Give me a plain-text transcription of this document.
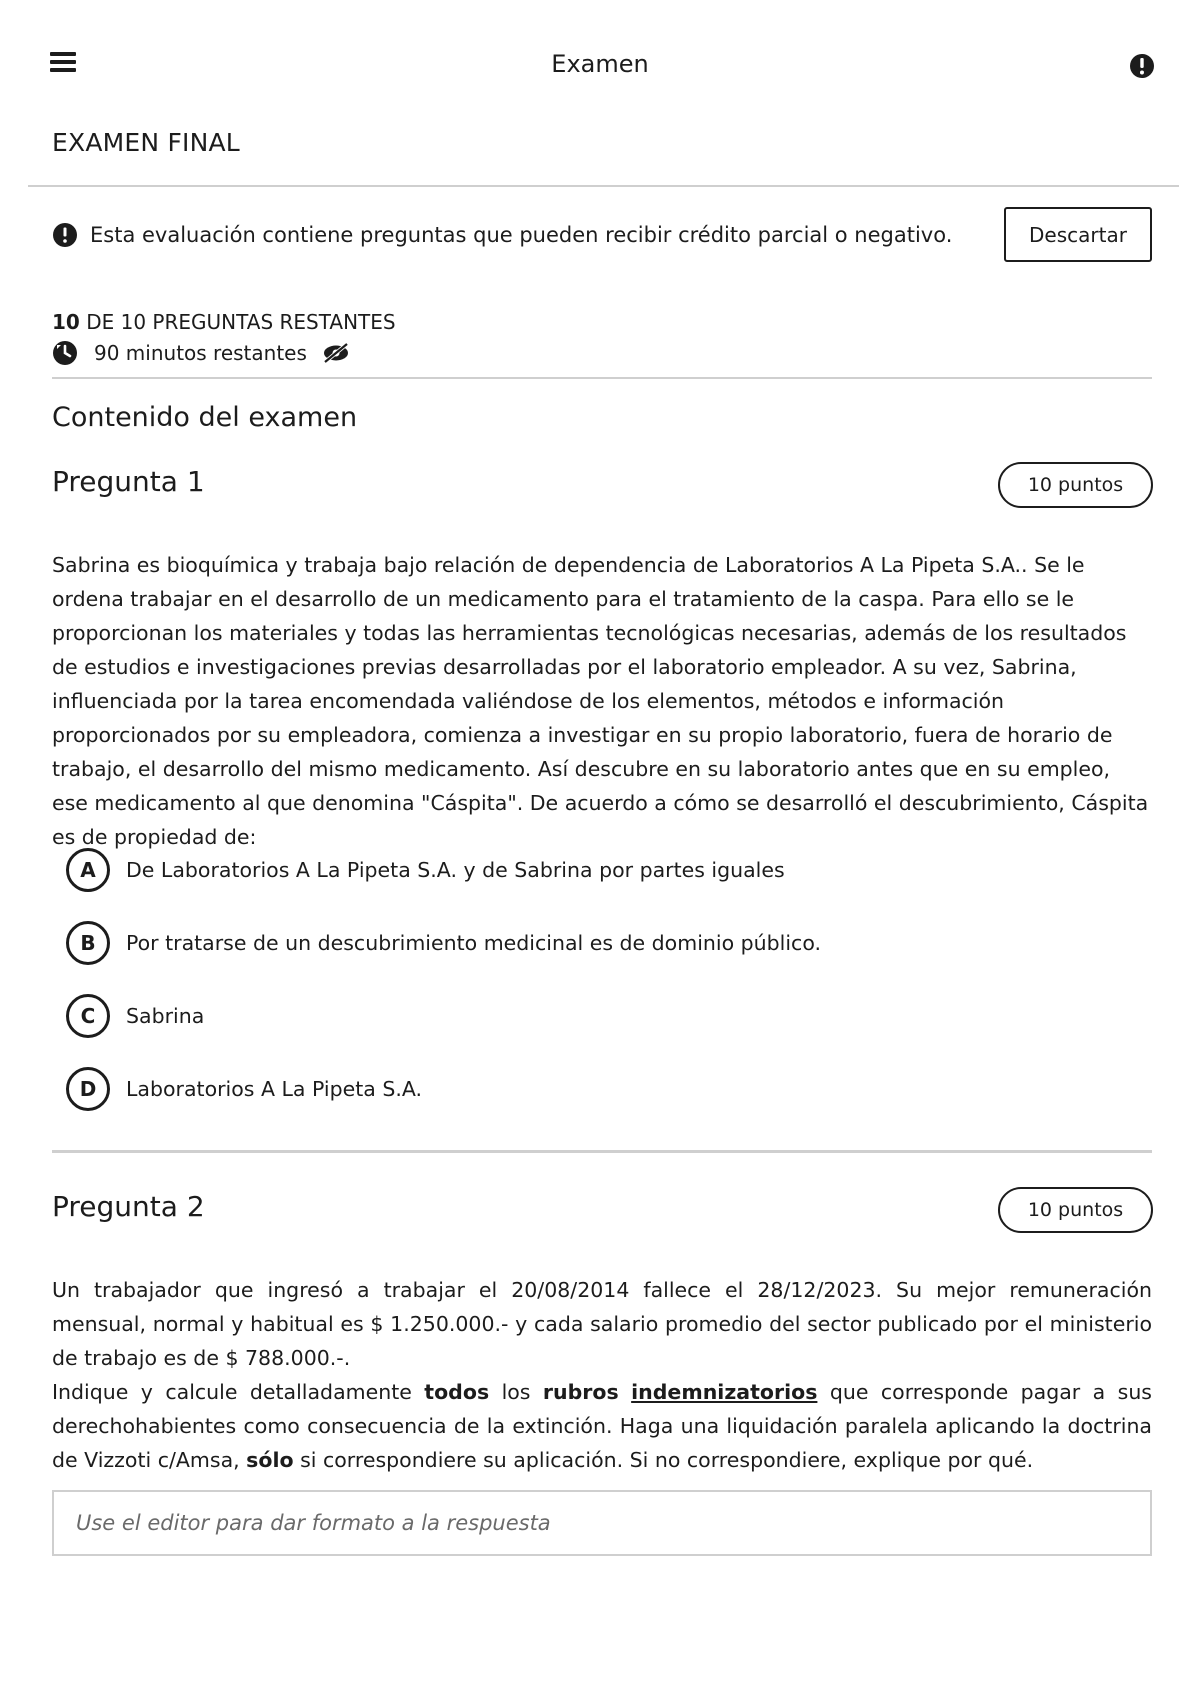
Examen
EXAMEN FINAL
Esta evaluación contiene preguntas que pueden recibir crédito parcial o negativo.	Descartar
10 DE 10 PREGUNTAS RESTANTES
90 minutos restantes
Contenido del examen
Pregunta 1	10 puntos
Sabrina es bioquímica y trabaja bajo relación de dependencia de Laboratorios A La Pipeta S.A.. Se le ordena trabajar en el desarrollo de un medicamento para el tratamiento de la caspa. Para ello se le proporcionan los materiales y todas las herramientas tecnológicas necesarias, además de los resultados de estudios e investigaciones previas desarrolladas por el laboratorio empleador. A su vez, Sabrina, influenciada por la tarea encomendada valiéndose de los elementos, métodos e información proporcionados por su empleadora, comienza a investigar en su propio laboratorio, fuera de horario de trabajo, el desarrollo del mismo medicamento. Así descubre en su laboratorio antes que en su empleo, ese medicamento al que denomina "Cáspita". De acuerdo a cómo se desarrolló el descubrimiento, Cáspita es de propiedad de:
A	De Laboratorios A La Pipeta S.A. y de Sabrina por partes iguales
B	Por tratarse de un descubrimiento medicinal es de dominio público.
C	Sabrina
D	Laboratorios A La Pipeta S.A.
Pregunta 2	10 puntos
Un trabajador que ingresó a trabajar el 20/08/2014 fallece el 28/12/2023. Su mejor remuneración mensual, normal y habitual es $ 1.250.000.- y cada salario promedio del sector publicado por el ministerio de trabajo es de $ 788.000.-.
Indique y calcule detalladamente todos los rubros indemnizatorios que corresponde pagar a sus derechohabientes como consecuencia de la extinción. Haga una liquidación paralela aplicando la doctrina de Vizzoti c/Amsa, sólo si correspondiere su aplicación. Si no correspondiere, explique por qué.
Use el editor para dar formato a la respuesta
